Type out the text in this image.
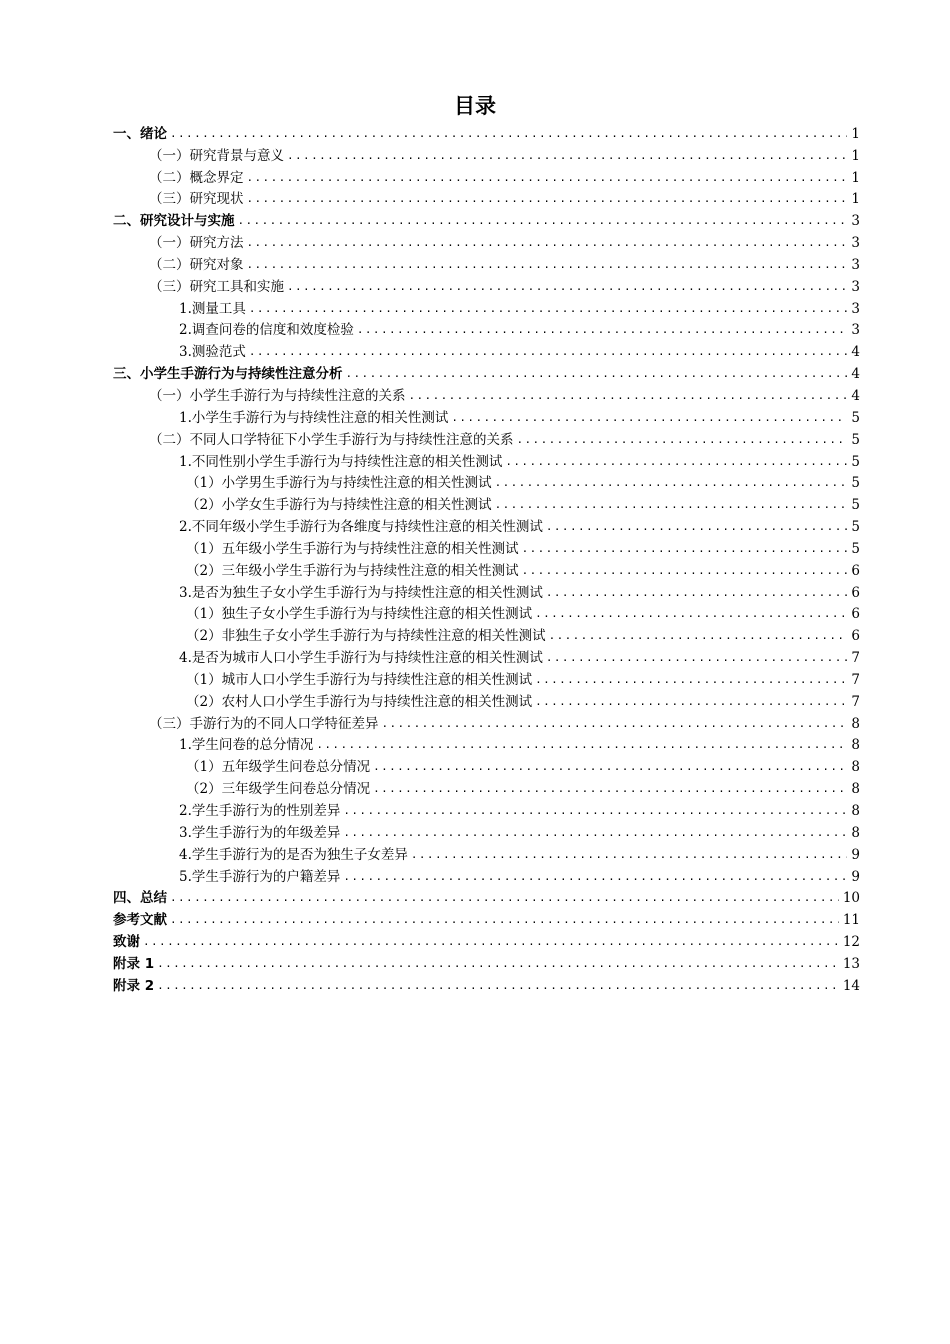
目录
一、绪论 .....	1
（一）研究背景与意义 .....	1
（二）概念界定 .....	1
（三）研究现状 .....	1
二、研究设计与实施 .....	3
（一）研究方法 .....	3
（二）研究对象 .....	3
（三）研究工具和实施 .....	3
1.测量工具 .....	3
2.调查问卷的信度和效度检验 .....	3
3.测验范式 .....	4
三、小学生手游行为与持续性注意分析 .....	4
（一）小学生手游行为与持续性注意的关系 .....	4
1.小学生手游行为与持续性注意的相关性测试 .....	5
（二）不同人口学特征下小学生手游行为与持续性注意的关系 .....	5
1.不同性别小学生手游行为与持续性注意的相关性测试 .....	5
（1）小学男生手游行为与持续性注意的相关性测试 .....	5
（2）小学女生手游行为与持续性注意的相关性测试 .....	5
2.不同年级小学生手游行为各维度与持续性注意的相关性测试 .....	5
（1）五年级小学生手游行为与持续性注意的相关性测试 .....	5
（2）三年级小学生手游行为与持续性注意的相关性测试 .....	6
3.是否为独生子女小学生手游行为与持续性注意的相关性测试 .....	6
（1）独生子女小学生手游行为与持续性注意的相关性测试 .....	6
（2）非独生子女小学生手游行为与持续性注意的相关性测试 .....	6
4.是否为城市人口小学生手游行为与持续性注意的相关性测试 .....	7
（1）城市人口小学生手游行为与持续性注意的相关性测试 .....	7
（2）农村人口小学生手游行为与持续性注意的相关性测试 .....	7
（三）手游行为的不同人口学特征差异 .....	8
1.学生问卷的总分情况 .....	8
（1）五年级学生问卷总分情况 .....	8
（2）三年级学生问卷总分情况 .....	8
2.学生手游行为的性别差异 .....	8
3.学生手游行为的年级差异 .....	8
4.学生手游行为的是否为独生子女差异 .....	9
5.学生手游行为的户籍差异 .....	9
四、总结 .....	10
参考文献 .....	11
致谢 .....	12
附录 1 .....	13
附录 2 .....	14
